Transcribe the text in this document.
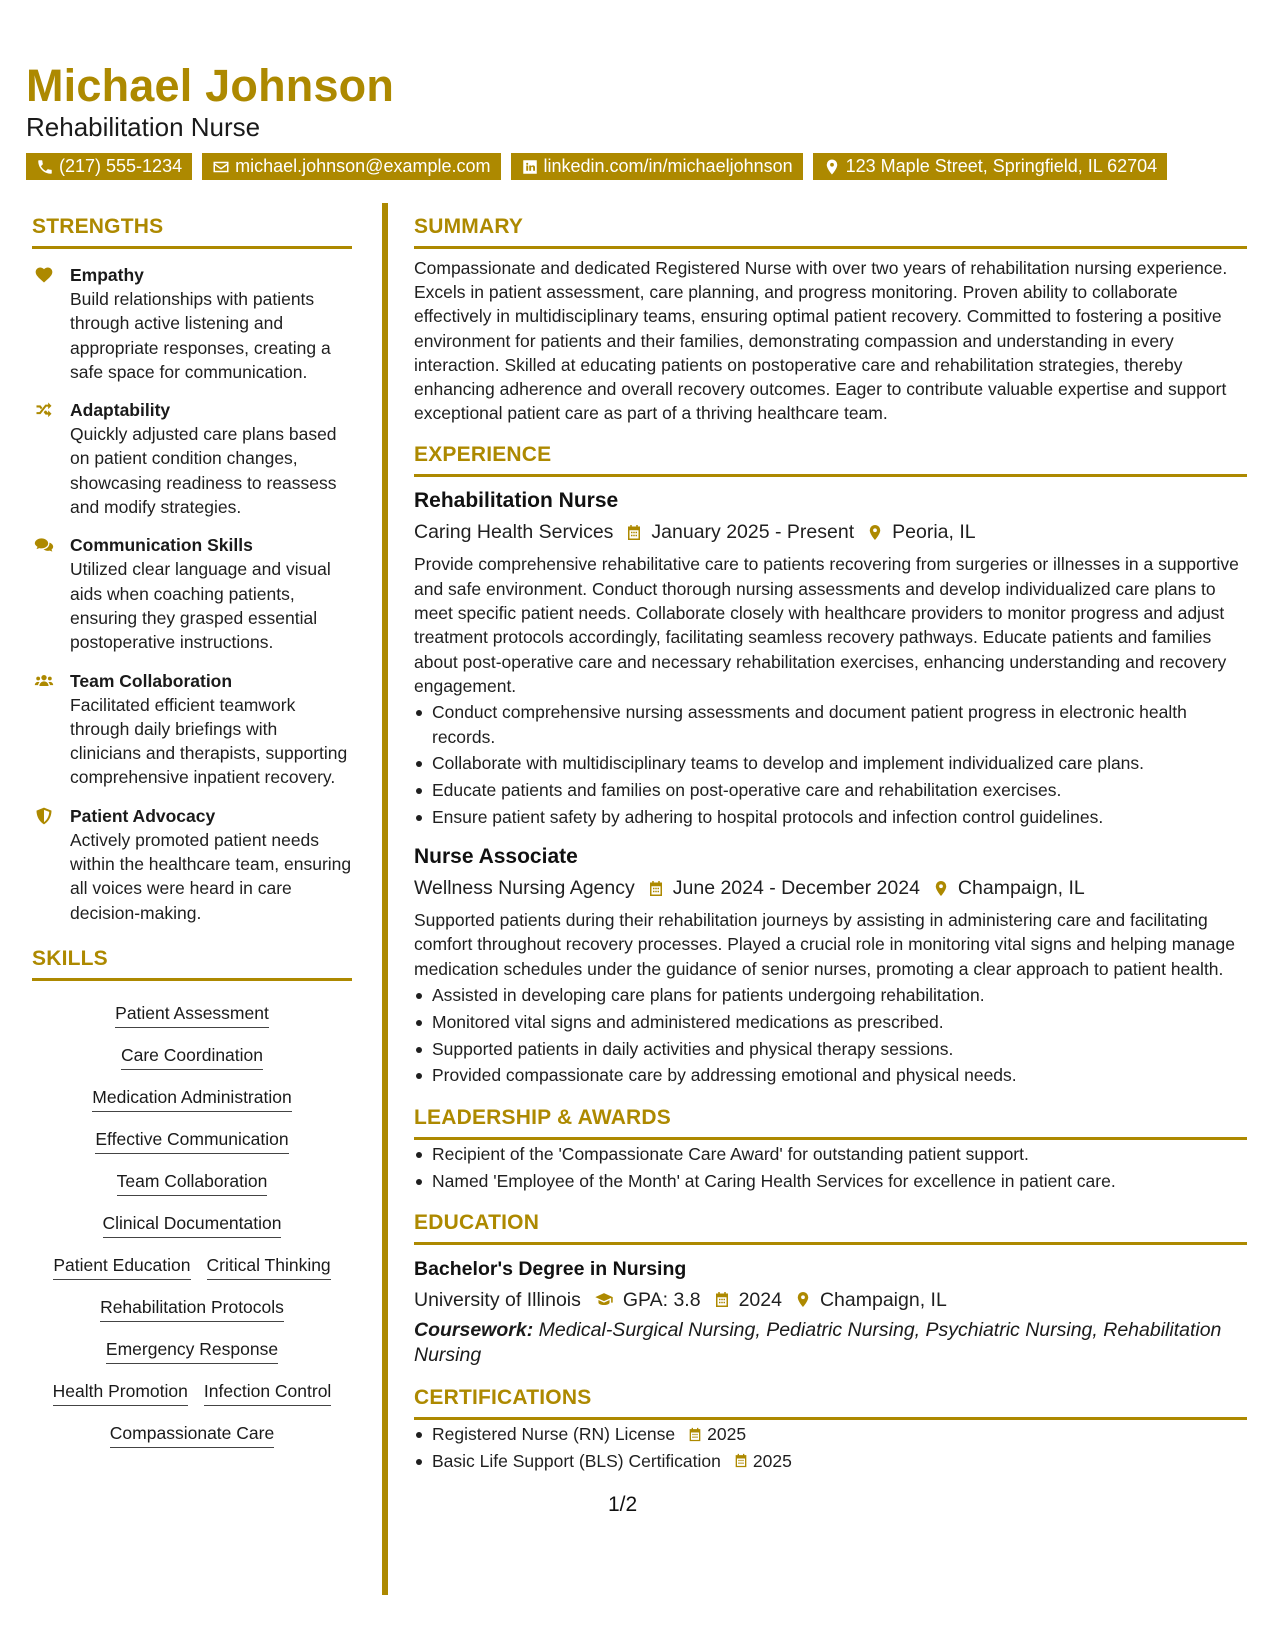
Michael Johnson
Rehabilitation Nurse
(217) 555-1234	michael.johnson@example.com	linkedin.com/in/michaeljohnson	123 Maple Street, Springfield, IL 62704
STRENGTHS
Empathy
Build relationships with patients through active listening and appropriate responses, creating a safe space for communication.
Adaptability
Quickly adjusted care plans based on patient condition changes, showcasing readiness to reassess and modify strategies.
Communication Skills
Utilized clear language and visual aids when coaching patients, ensuring they grasped essential postoperative instructions.
Team Collaboration
Facilitated efficient teamwork through daily briefings with clinicians and therapists, supporting comprehensive inpatient recovery.
Patient Advocacy
Actively promoted patient needs within the healthcare team, ensuring all voices were heard in care decision-making.
SKILLS
Patient Assessment
Care Coordination
Medication Administration
Effective Communication
Team Collaboration
Clinical Documentation
Patient Education Critical Thinking
Rehabilitation Protocols
Emergency Response
Health Promotion Infection Control
Compassionate Care
SUMMARY
Compassionate and dedicated Registered Nurse with over two years of rehabilitation nursing experience. Excels in patient assessment, care planning, and progress monitoring. Proven ability to collaborate effectively in multidisciplinary teams, ensuring optimal patient recovery. Committed to fostering a positive environment for patients and their families, demonstrating compassion and understanding in every interaction. Skilled at educating patients on postoperative care and rehabilitation strategies, thereby enhancing adherence and overall recovery outcomes. Eager to contribute valuable expertise and support exceptional patient care as part of a thriving healthcare team.
EXPERIENCE
Rehabilitation Nurse
Caring Health Services January 2025 - Present Peoria, IL
Provide comprehensive rehabilitative care to patients recovering from surgeries or illnesses in a supportive and safe environment. Conduct thorough nursing assessments and develop individualized care plans to meet specific patient needs. Collaborate closely with healthcare providers to monitor progress and adjust treatment protocols accordingly, facilitating seamless recovery pathways. Educate patients and families about post-operative care and necessary rehabilitation exercises, enhancing understanding and recovery engagement.
Conduct comprehensive nursing assessments and document patient progress in electronic health records.
Collaborate with multidisciplinary teams to develop and implement individualized care plans.
Educate patients and families on post-operative care and rehabilitation exercises.
Ensure patient safety by adhering to hospital protocols and infection control guidelines.
Nurse Associate
Wellness Nursing Agency June 2024 - December 2024 Champaign, IL
Supported patients during their rehabilitation journeys by assisting in administering care and facilitating comfort throughout recovery processes. Played a crucial role in monitoring vital signs and helping manage medication schedules under the guidance of senior nurses, promoting a clear approach to patient health.
Assisted in developing care plans for patients undergoing rehabilitation.
Monitored vital signs and administered medications as prescribed.
Supported patients in daily activities and physical therapy sessions.
Provided compassionate care by addressing emotional and physical needs.
LEADERSHIP & AWARDS
Recipient of the 'Compassionate Care Award' for outstanding patient support.
Named 'Employee of the Month' at Caring Health Services for excellence in patient care.
EDUCATION
Bachelor's Degree in Nursing
University of Illinois GPA: 3.8 2024 Champaign, IL
Coursework: Medical-Surgical Nursing, Pediatric Nursing, Psychiatric Nursing, Rehabilitation Nursing
CERTIFICATIONS
Registered Nurse (RN) License 2025
Basic Life Support (BLS) Certification 2025
1/2
